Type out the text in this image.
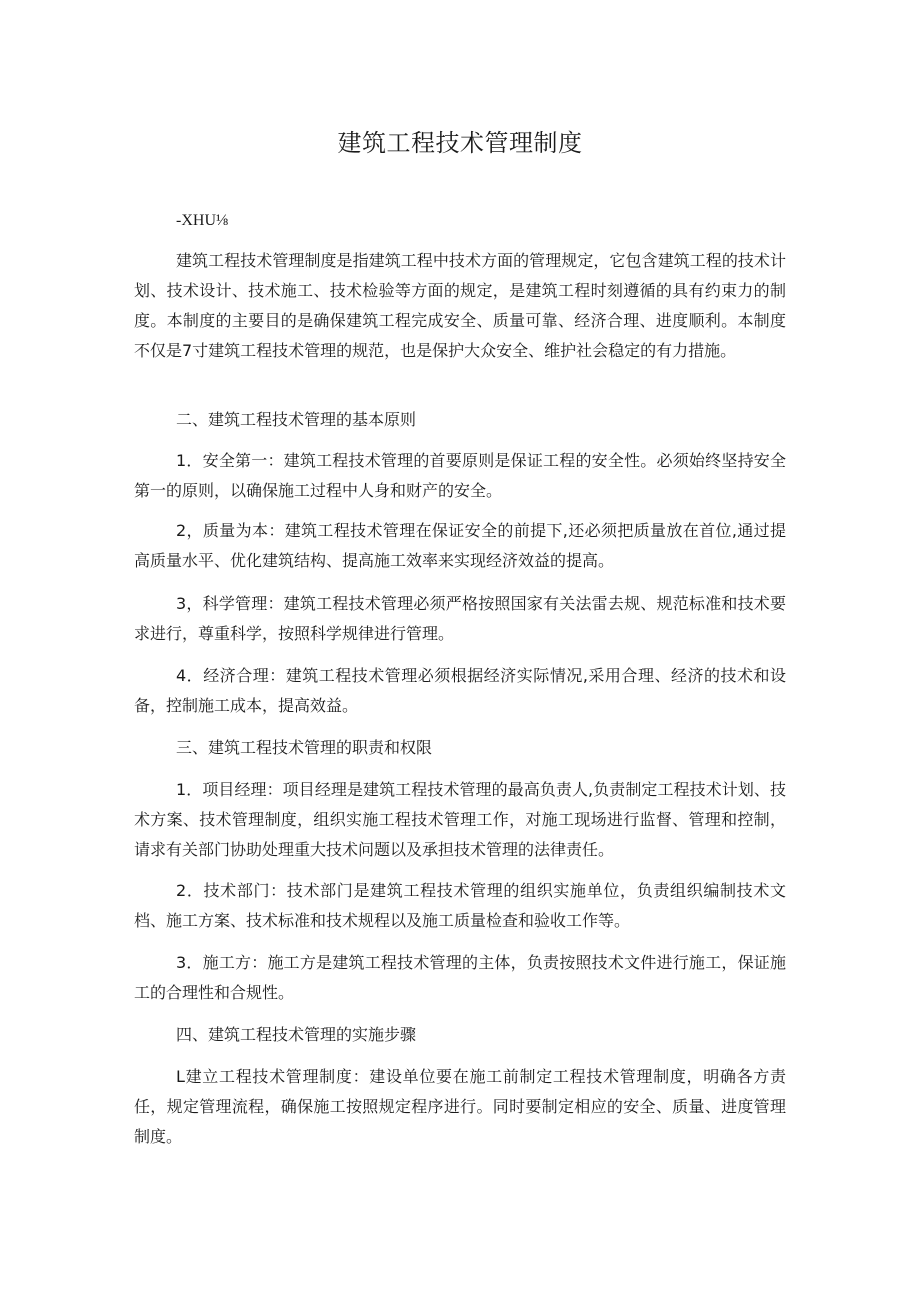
建筑工程技术管理制度

-XHU⅛

建筑工程技术管理制度是指建筑工程中技术方面的管理规定，它包含建筑工程的技术计划、技术设计、技术施工、技术检验等方面的规定，是建筑工程时刻遵循的具有约束力的制度。本制度的主要目的是确保建筑工程完成安全、质量可靠、经济合理、进度顺利。本制度不仅是7寸建筑工程技术管理的规范，也是保护大众安全、维护社会稳定的有力措施。

二、建筑工程技术管理的基本原则

1．安全第一：建筑工程技术管理的首要原则是保证工程的安全性。必须始终坚持安全第一的原则，以确保施工过程中人身和财产的安全。

2，质量为本：建筑工程技术管理在保证安全的前提下,还必须把质量放在首位,通过提高质量水平、优化建筑结构、提高施工效率来实现经济效益的提高。

3，科学管理：建筑工程技术管理必须严格按照国家有关法雷去规、规范标准和技术要求进行，尊重科学，按照科学规律进行管理。

4．经济合理：建筑工程技术管理必须根据经济实际情况,采用合理、经济的技术和设备，控制施工成本，提高效益。

三、建筑工程技术管理的职责和权限

1．项目经理：项目经理是建筑工程技术管理的最高负责人,负责制定工程技术计划、技术方案、技术管理制度，组织实施工程技术管理工作，对施工现场进行监督、管理和控制，请求有关部门协助处理重大技术问题以及承担技术管理的法律责任。

2．技术部门：技术部门是建筑工程技术管理的组织实施单位，负责组织编制技术文档、施工方案、技术标准和技术规程以及施工质量检查和验收工作等。

3．施工方：施工方是建筑工程技术管理的主体，负责按照技术文件进行施工，保证施工的合理性和合规性。

四、建筑工程技术管理的实施步骤

L建立工程技术管理制度：建设单位要在施工前制定工程技术管理制度，明确各方责任，规定管理流程，确保施工按照规定程序进行。同时要制定相应的安全、质量、进度管理制度。
